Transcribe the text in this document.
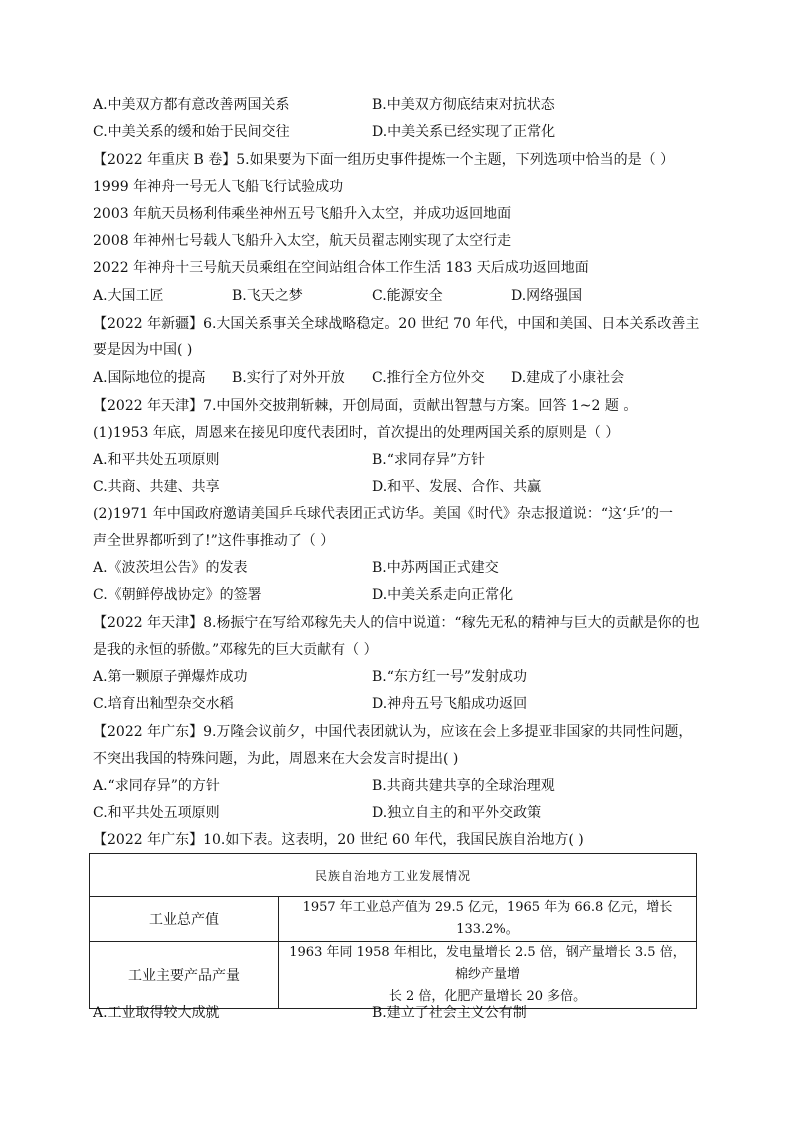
A.中美双方都有意改善两国关系	B.中美双方彻底结束对抗状态
C.中美关系的缓和始于民间交往	D.中美关系已经实现了正常化
【2022 年重庆 B 卷】5.如果要为下面一组历史事件提炼一个主题，下列选项中恰当的是（ ）
1999 年神舟一号无人飞船飞行试验成功
2003 年航天员杨利伟乘坐神州五号飞船升入太空，并成功返回地面
2008 年神州七号载人飞船升入太空，航天员翟志刚实现了太空行走
2022 年神舟十三号航天员乘组在空间站组合体工作生活 183 天后成功返回地面
A.大国工匠	B.飞天之梦	C.能源安全	D.网络强国
【2022 年新疆】6.大国关系事关全球战略稳定。20 世纪 70 年代，中国和美国、日本关系改善主
要是因为中国( )
A.国际地位的提高 B.实行了对外开放 C.推行全方位外交 D.建成了小康社会
【2022 年天津】7.中国外交披荆斩棘，开创局面，贡献出智慧与方案。回答 1~2 题 。
(1)1953 年底，周恩来在接见印度代表团时，首次提出的处理两国关系的原则是（ ）
A.和平共处五项原则	B.“求同存异”方针
C.共商、共建、共享	D.和平、发展、合作、共赢
(2)1971 年中国政府邀请美国乒乓球代表团正式访华。美国《时代》杂志报道说：“这‘乒’的一
声全世界都听到了!”这件事推动了（ ）
A.《波茨坦公告》的发表	B.中苏两国正式建交
C.《朝鲜停战协定》的签署	D.中美关系走向正常化
【2022 年天津】8.杨振宁在写给邓稼先夫人的信中说道：“稼先无私的精神与巨大的贡献是你的也
是我的永恒的骄傲。”邓稼先的巨大贡献有（ ）
A.第一颗原子弹爆炸成功	B.“东方红一号”发射成功
C.培育出籼型杂交水稻	D.神舟五号飞船成功返回
【2022 年广东】9.万隆会议前夕，中国代表团就认为，应该在会上多提亚非国家的共同性问题，
不突出我国的特殊问题，为此，周恩来在大会发言时提出( )
A.“求同存异”的方针	B.共商共建共享的全球治理观
C.和平共处五项原则	D.独立自主的和平外交政策
【2022 年广东】10.如下表。这表明，20 世纪 60 年代，我国民族自治地方( )
民族自治地方工业发展情况	
工业总产值	1957 年工业总产值为 29.5 亿元，1965 年为 66.8 亿元，增长 133.2%。
工业主要产品产量	1963 年同 1958 年相比，发电量增长 2.5 倍，钢产量增长 3.5 倍，棉纱产量增
长 2 倍，化肥产量增长 20 多倍。
A.工业取得较大成就	B.建立了社会主义公有制
